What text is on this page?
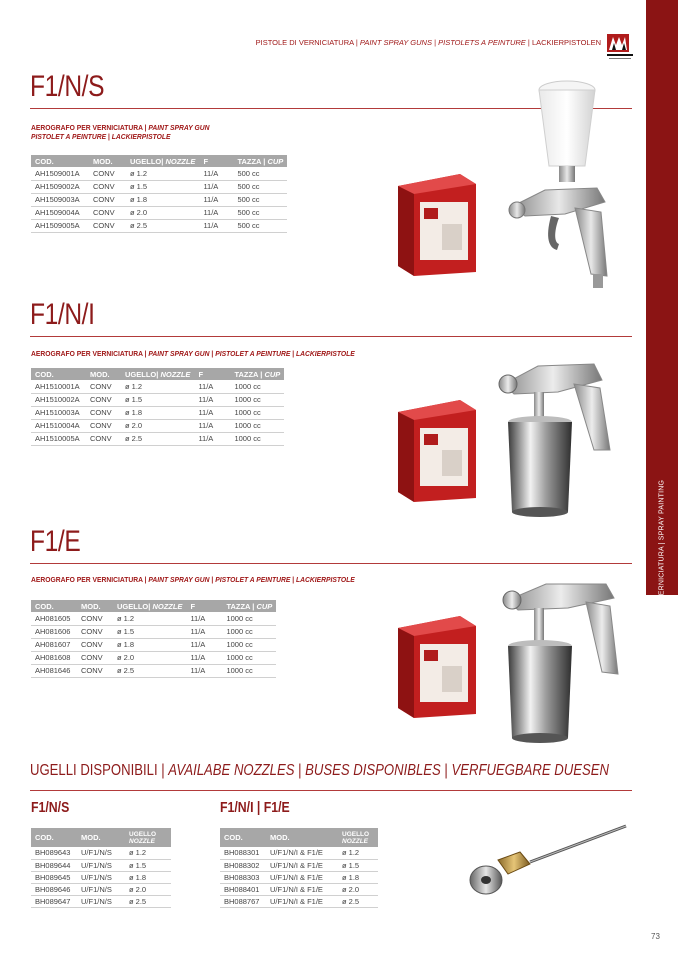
VERNICIATURA | SPRAY PAINTING
PISTOLE DI VERNICIATURA | PAINT SPRAY GUNS | PISTOLETS A PEINTURE | LACKIERPISTOLEN
F1/N/S
AEROGRAFO PER VERNICIATURA | PAINT SPRAY GUN
PISTOLET A PEINTURE | LACKIERPISTOLE
COD.	MOD.	UGELLO| NOZZLE	F	TAZZA | CUP
AH1509001A	CONV	ø 1.2	11/A	500 cc
AH1509002A	CONV	ø 1.5	11/A	500 cc
AH1509003A	CONV	ø 1.8	11/A	500 cc
AH1509004A	CONV	ø 2.0	11/A	500 cc
AH1509005A	CONV	ø 2.5	11/A	500 cc
F1/N/I
AEROGRAFO PER VERNICIATURA | PAINT SPRAY GUN | PISTOLET A PEINTURE | LACKIERPISTOLE
COD.	MOD.	UGELLO| NOZZLE	F	TAZZA | CUP
AH1510001A	CONV	ø 1.2	11/A	1000 cc
AH1510002A	CONV	ø 1.5	11/A	1000 cc
AH1510003A	CONV	ø 1.8	11/A	1000 cc
AH1510004A	CONV	ø 2.0	11/A	1000 cc
AH1510005A	CONV	ø 2.5	11/A	1000 cc
F1/E
AEROGRAFO PER VERNICIATURA | PAINT SPRAY GUN | PISTOLET A PEINTURE | LACKIERPISTOLE
COD.	MOD.	UGELLO| NOZZLE	F	TAZZA | CUP
AH081605	CONV	ø 1.2	11/A	1000 cc
AH081606	CONV	ø 1.5	11/A	1000 cc
AH081607	CONV	ø 1.8	11/A	1000 cc
AH081608	CONV	ø 2.0	11/A	1000 cc
AH081646	CONV	ø 2.5	11/A	1000 cc
UGELLI DISPONIBILI | AVAILABE NOZZLES | BUSES DISPONIBLES | VERFUEGBARE DUESEN
F1/N/S	F1/N/I | F1/E
COD.	MOD.	UGELLO
NOZZLE
BH089643	U/F1/N/S	ø 1.2
BH089644	U/F1/N/S	ø 1.5
BH089645	U/F1/N/S	ø 1.8
BH089646	U/F1/N/S	ø 2.0
BH089647	U/F1/N/S	ø 2.5
COD.	MOD.	UGELLO
NOZZLE
BH088301	U/F1/N/I & F1/E	ø 1.2
BH088302	U/F1/N/I & F1/E	ø 1.5
BH088303	U/F1/N/I & F1/E	ø 1.8
BH088401	U/F1/N/I & F1/E	ø 2.0
BH088767	U/F1/N/I & F1/E	ø 2.5
73
